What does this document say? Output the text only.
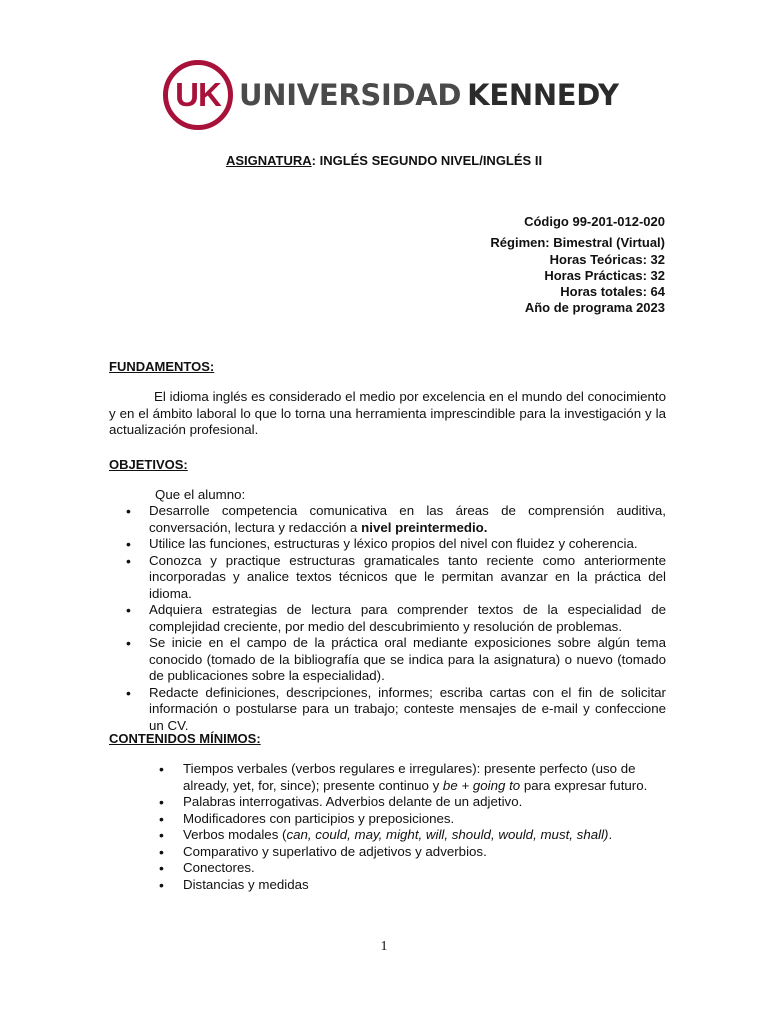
UK UNIVERSIDAD KENNEDY
ASIGNATURA: INGLÉS SEGUNDO NIVEL/INGLÉS II
Código 99-201-012-020
Régimen: Bimestral (Virtual)
Horas Teóricas: 32
Horas Prácticas: 32
Horas totales: 64
Año de programa 2023
FUNDAMENTOS:
El idioma inglés es considerado el medio por excelencia en el mundo del conocimiento y en el ámbito laboral lo que lo torna una herramienta imprescindible para la investigación y la actualización profesional.
OBJETIVOS:
Que el alumno:
• Desarrolle competencia comunicativa en las áreas de comprensión auditiva, conversación, lectura y redacción a nivel preintermedio.
• Utilice las funciones, estructuras y léxico propios del nivel con fluidez y coherencia.
• Conozca y practique estructuras gramaticales tanto reciente como anteriormente incorporadas y analice textos técnicos que le permitan avanzar en la práctica del idioma.
• Adquiera estrategias de lectura para comprender textos de la especialidad de complejidad creciente, por medio del descubrimiento y resolución de problemas.
• Se inicie en el campo de la práctica oral mediante exposiciones sobre algún tema conocido (tomado de la bibliografía que se indica para la asignatura) o nuevo (tomado de publicaciones sobre la especialidad).
• Redacte definiciones, descripciones, informes; escriba cartas con el fin de solicitar información o postularse para un trabajo; conteste mensajes de e-mail y confeccione un CV.
CONTENIDOS MÍNIMOS:
• Tiempos verbales (verbos regulares e irregulares): presente perfecto (uso de already, yet, for, since); presente continuo y be + going to para expresar futuro.
• Palabras interrogativas. Adverbios delante de un adjetivo.
• Modificadores con participios y preposiciones.
• Verbos modales (can, could, may, might, will, should, would, must, shall).
• Comparativo y superlativo de adjetivos y adverbios.
• Conectores.
• Distancias y medidas
1
